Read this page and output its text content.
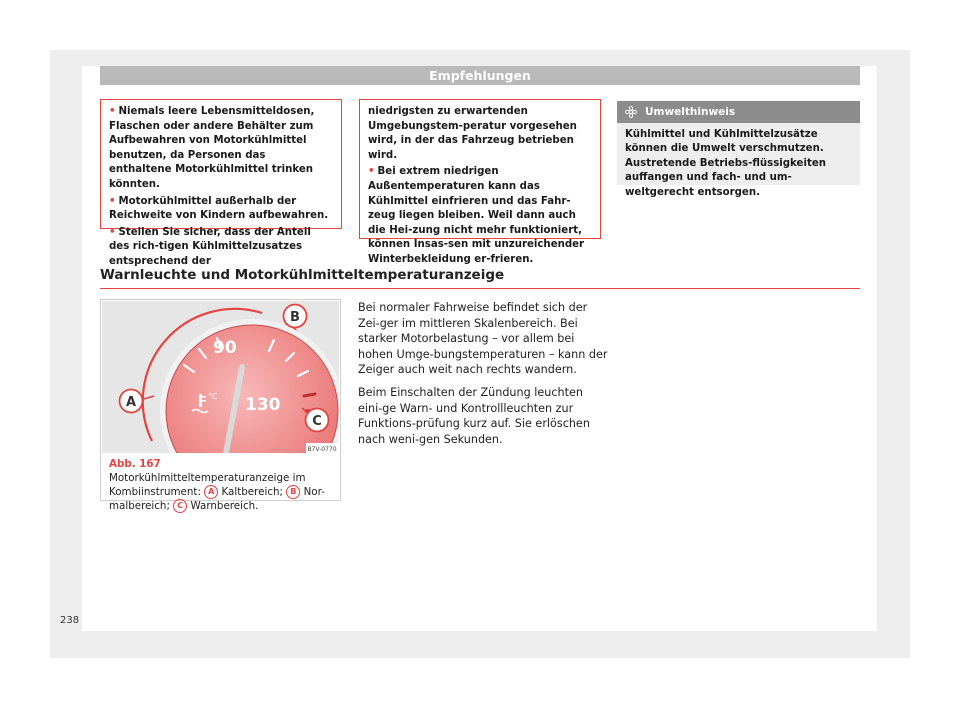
Empfehlungen

• Niemals leere Lebensmitteldosen, Flaschen oder andere Behälter zum Aufbewahren von Motorkühlmittel benutzen, da Personen das enthaltene Motorkühlmittel trinken könnten.

• Motorkühlmittel außerhalb der Reichweite von Kindern aufbewahren.

• Stellen Sie sicher, dass der Anteil des rich-tigen Kühlmittelzusatzes entsprechend der

niedrigsten zu erwartenden Umgebungstem-peratur vorgesehen wird, in der das Fahrzeug betrieben wird.

• Bei extrem niedrigen Außentemperaturen kann das Kühlmittel einfrieren und das Fahr-zeug liegen bleiben. Weil dann auch die Hei-zung nicht mehr funktioniert, können Insas-sen mit unzureichender Winterbekleidung er-frieren.

Umwelthinweis
Kühlmittel und Kühlmittelzusätze können die Umwelt verschmutzen. Austretende Betriebs-flüssigkeiten auffangen und fach- und um-weltgerecht entsorgen.
Warnleuchte und Motorkühlmitteltemperaturanzeige
°C
90
130
B
A
C
B7V-0770
Abb. 167 Motorkühlmitteltemperaturanzeige im Kombiinstrument: A Kaltbereich; B Nor-malbereich; C Warnbereich.

Bei normaler Fahrweise befindet sich der Zei-ger im mittleren Skalenbereich. Bei starker Motorbelastung – vor allem bei hohen Umge-bungstemperaturen – kann der Zeiger auch weit nach rechts wandern.

Beim Einschalten der Zündung leuchten eini-ge Warn- und Kontrollleuchten zur Funktions-prüfung kurz auf. Sie erlöschen nach weni-gen Sekunden.

238
